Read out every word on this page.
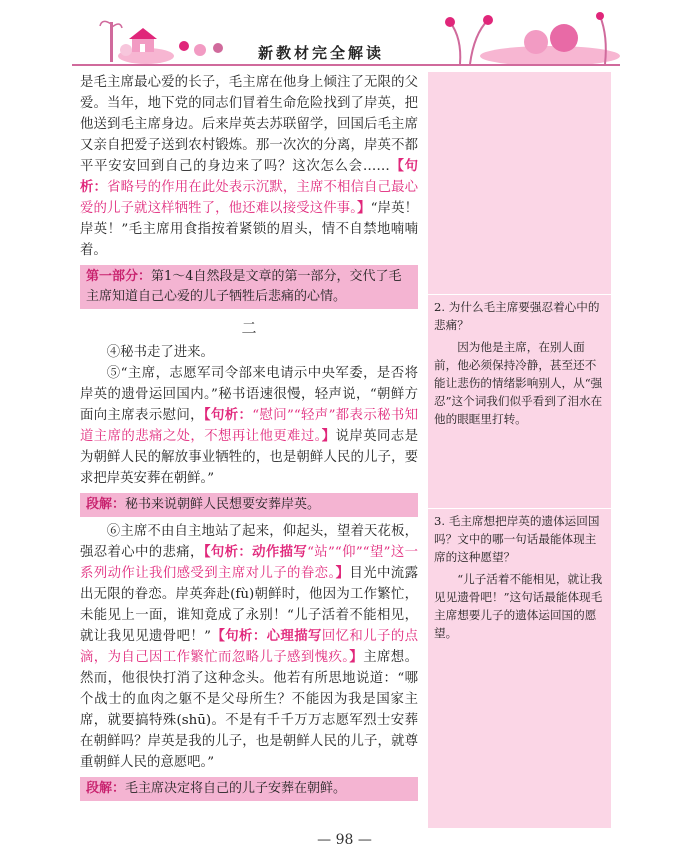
新教材完全解读

是毛主席最心爱的长子，毛主席在他身上倾注了无限的父爱。当年，地下党的同志们冒着生命危险找到了岸英，把他送到毛主席身边。后来岸英去苏联留学，回国后毛主席又亲自把爱子送到农村锻炼。那一次次的分离，岸英不都平平安安回到自己的身边来了吗？这次怎么会……【句析：省略号的作用在此处表示沉默，主席不相信自己最心爱的儿子就这样牺牲了，他还难以接受这件事。】“岸英！岸英！”毛主席用食指按着紧锁的眉头，情不自禁地喃喃着。

第一部分：第1～4自然段是文章的第一部分，交代了毛主席知道自己心爱的儿子牺牲后悲痛的心情。
二

④秘书走了进来。

⑤“主席，志愿军司令部来电请示中央军委，是否将岸英的遗骨运回国内。”秘书语速很慢，轻声说，“朝鲜方面向主席表示慰问，【句析：“慰问”“轻声”都表示秘书知道主席的悲痛之处，不想再让他更难过。】说岸英同志是为朝鲜人民的解放事业牺牲的，也是朝鲜人民的儿子，要求把岸英安葬在朝鲜。”

段解：秘书来说朝鲜人民想要安葬岸英。

⑥主席不由自主地站了起来，仰起头，望着天花板，强忍着心中的悲痛，【句析：动作描写“站”“仰”“望”这一系列动作让我们感受到主席对儿子的眷恋。】目光中流露出无限的眷恋。岸英奔赴(fù)朝鲜时，他因为工作繁忙，未能见上一面，谁知竟成了永别！“儿子活着不能相见，就让我见见遗骨吧！”【句析：心理描写回忆和儿子的点滴，为自己因工作繁忙而忽略儿子感到愧疚。】主席想。然而，他很快打消了这种念头。他若有所思地说道：“哪个战士的血肉之躯不是父母所生？不能因为我是国家主席，就要搞特殊(shū)。不是有千千万万志愿军烈士安葬在朝鲜吗？岸英是我的儿子，也是朝鲜人民的儿子，就尊重朝鲜人民的意愿吧。”

段解：毛主席决定将自己的儿子安葬在朝鲜。

2. 为什么毛主席要强忍着心中的悲痛？

因为他是主席，在别人面前，他必须保持冷静，甚至还不能让悲伤的情绪影响别人，从“强忍”这个词我们似乎看到了泪水在他的眼眶里打转。

3. 毛主席想把岸英的遗体运回国吗？文中的哪一句话最能体现主席的这种愿望？

“儿子活着不能相见，就让我见见遗骨吧！”这句话最能体现毛主席想要儿子的遗体运回国的愿望。

— 98 —
